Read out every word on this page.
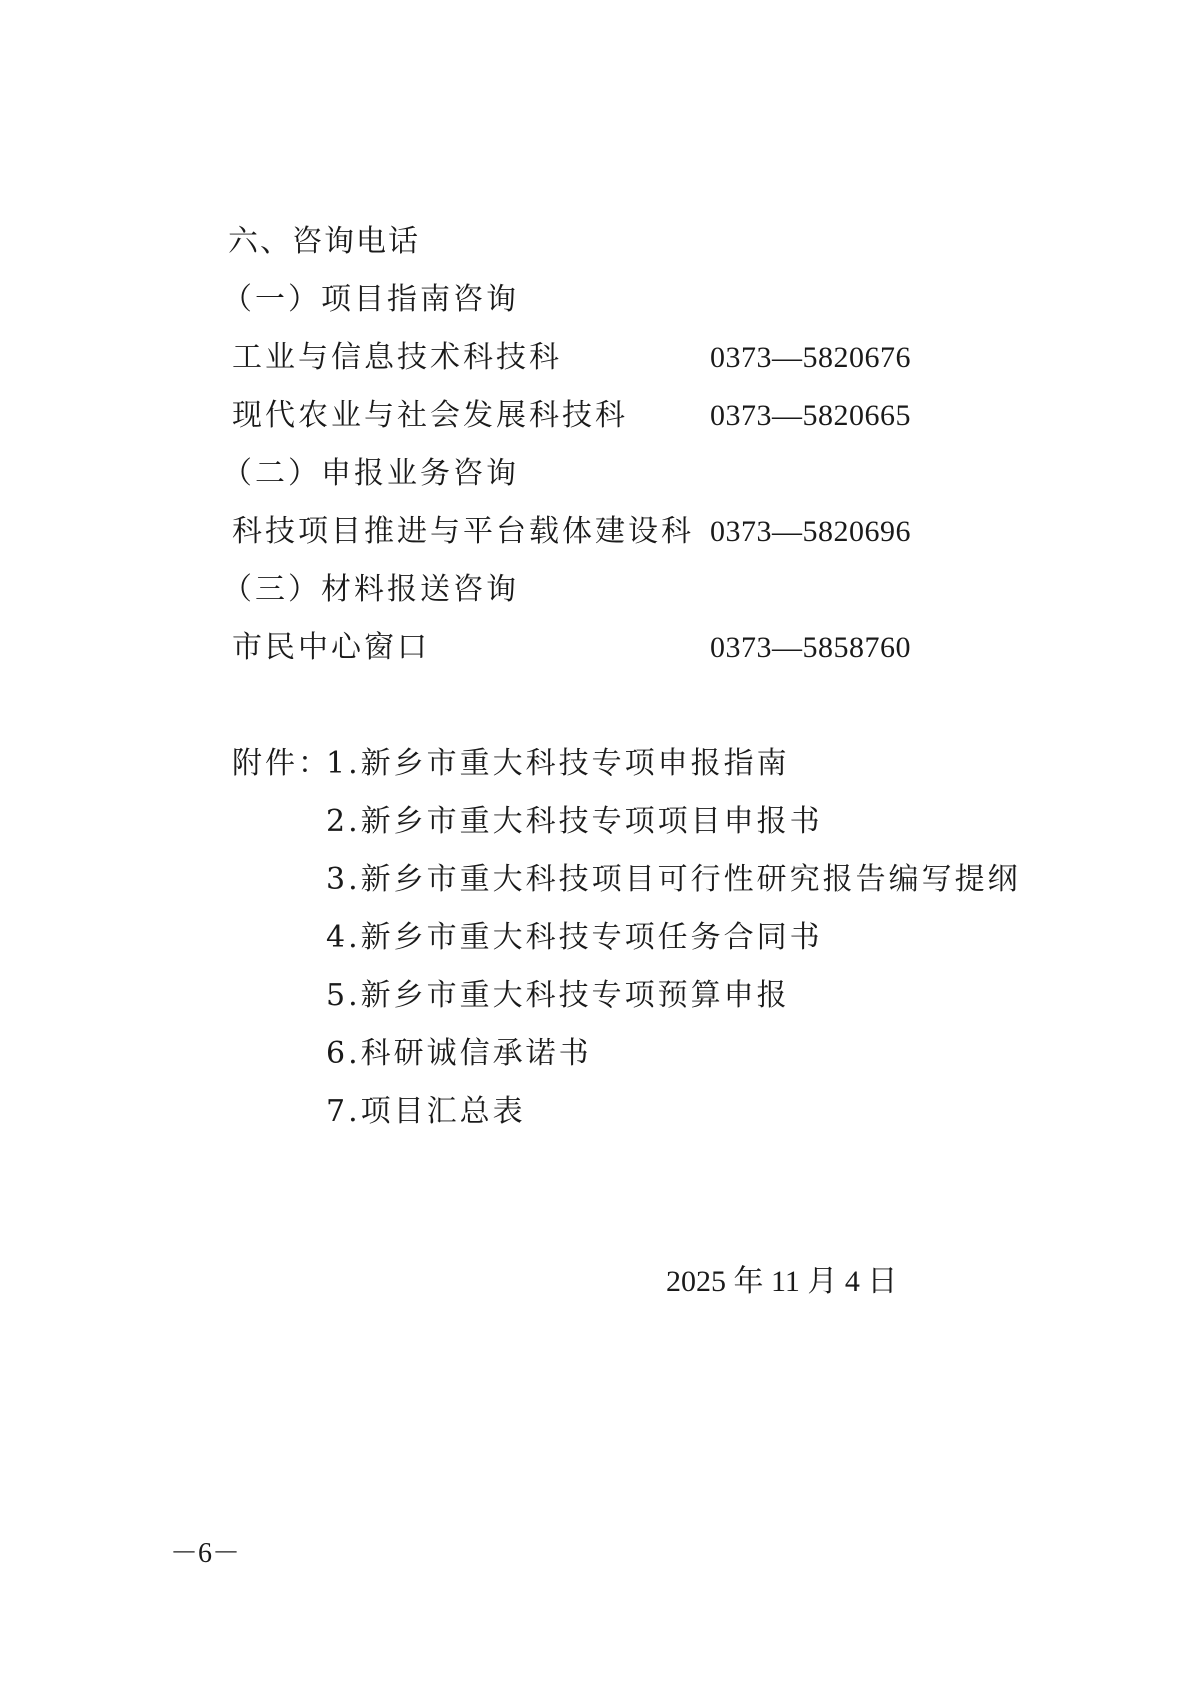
六、咨询电话
（一）项目指南咨询
工业与信息技术科技科	0373—5820676
现代农业与社会发展科技科	0373—5820665
（二）申报业务咨询
科技项目推进与平台载体建设科 0373—5820696
（三）材料报送咨询
市民中心窗口	0373—5858760
附件：
1.新乡市重大科技专项申报指南
2.新乡市重大科技专项项目申报书
3.新乡市重大科技项目可行性研究报告编写提纲
4.新乡市重大科技专项任务合同书
5.新乡市重大科技专项预算申报
6.科研诚信承诺书
7.项目汇总表
2025 年 11 月 4 日
－6－
